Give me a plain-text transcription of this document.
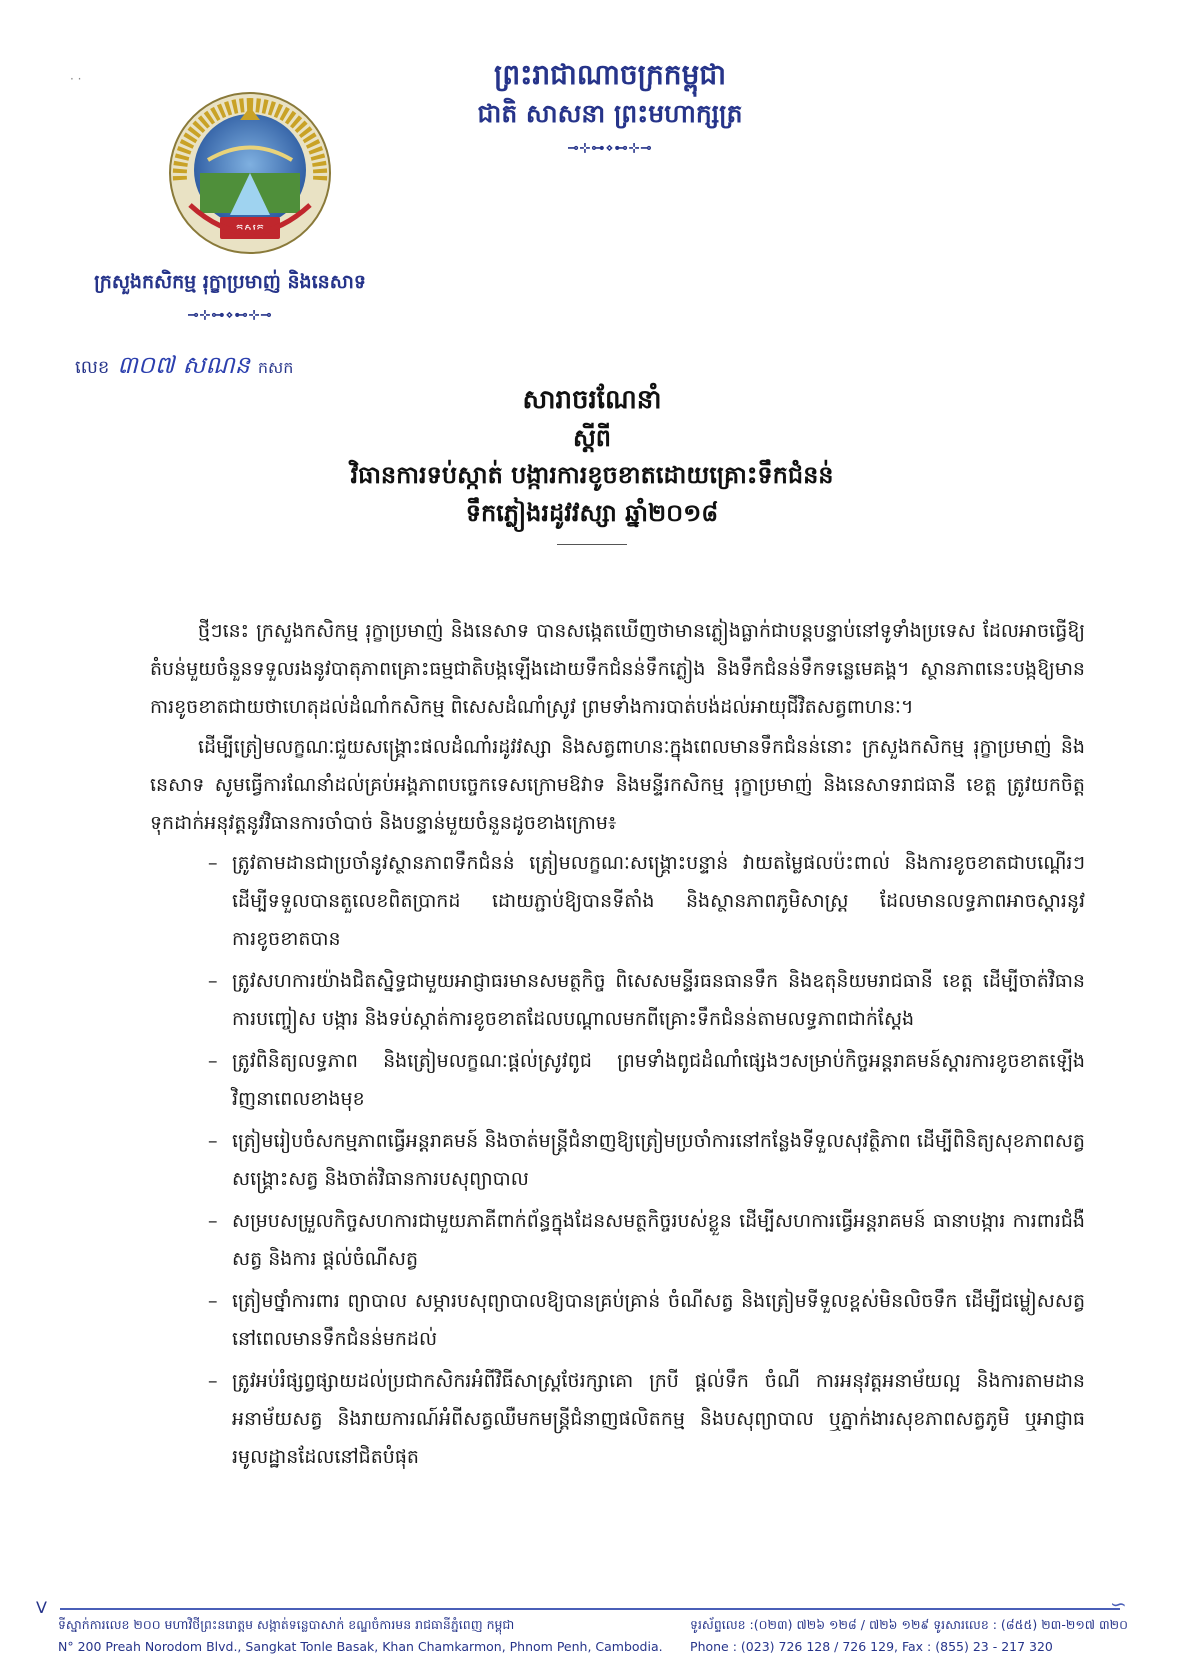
· ·	ព្រះរាជាណាចក្រកម្ពុជា
ជាតិ សាសនា ព្រះមហាក្សត្រ
⊸⊹⊶⋄⊷⊹⊸
កសក
ក្រសួងកសិកម្ម រុក្ខាប្រមាញ់ និងនេសាទ
⊸⊹⊶⋄⊷⊹⊸
លេខ ៣០៧ សណន កសក
សារាចរណែនាំ
ស្ដីពី
វិធានការទប់ស្កាត់ បង្ការការខូចខាតដោយគ្រោះទឹកជំនន់
ទឹកភ្លៀងរដូវវស្សា ឆ្នាំ២០១៨

ថ្មីៗនេះ ក្រសួងកសិកម្ម រុក្ខាប្រមាញ់ និងនេសាទ បានសង្កេតឃើញថាមានភ្លៀងធ្លាក់ជាបន្តបន្ទាប់នៅទូទាំងប្រទេស ដែលអាចធ្វើឱ្យតំបន់មួយចំនួនទទួលរងនូវបាតុភាពគ្រោះធម្មជាតិបង្កឡើងដោយទឹកជំនន់ទឹកភ្លៀង និងទឹកជំនន់ទឹកទន្លេមេគង្គ។ ស្ថានភាពនេះបង្កឱ្យមានការខូចខាតជាយថាហេតុដល់ដំណាំកសិកម្ម ពិសេសដំណាំស្រូវ ព្រមទាំងការបាត់បង់ដល់អាយុជីវិតសត្វពាហនៈ។

ដើម្បីត្រៀមលក្ខណៈជួយសង្គ្រោះផលដំណាំរដូវវស្សា និងសត្វពាហនៈក្នុងពេលមានទឹកជំនន់នោះ ក្រសួងកសិកម្ម រុក្ខាប្រមាញ់ និងនេសាទ សូមធ្វើការណែនាំដល់គ្រប់អង្គភាពបច្ចេកទេសក្រោមឱវាទ និងមន្ទីរកសិកម្ម រុក្ខាប្រមាញ់ និងនេសាទរាជធានី ខេត្ត ត្រូវយកចិត្តទុកដាក់អនុវត្តនូវវិធានការចាំបាច់ និងបន្ទាន់មួយចំនួនដូចខាងក្រោម៖

– ត្រូវតាមដានជាប្រចាំនូវស្ថានភាពទឹកជំនន់ ត្រៀមលក្ខណៈសង្គ្រោះបន្ទាន់ វាយតម្លៃផលប៉ះពាល់ និងការខូចខាតជាបណ្ដើរៗ ដើម្បីទទួលបានតួលេខពិតប្រាកដ ដោយភ្ជាប់ឱ្យបានទីតាំង និងស្ថានភាពភូមិសាស្ត្រ ដែលមានលទ្ធភាពអាចស្ដារនូវការខូចខាតបាន
– ត្រូវសហការយ៉ាងជិតស្និទ្ធជាមួយអាជ្ញាធរមានសមត្ថកិច្ច ពិសេសមន្ទីរធនធានទឹក និងឧតុនិយមរាជធានី ខេត្ត ដើម្បីចាត់វិធានការបញ្ចៀស បង្ការ និងទប់ស្កាត់ការខូចខាតដែលបណ្ដាលមកពីគ្រោះទឹកជំនន់តាមលទ្ធភាពជាក់ស្ដែង
– ត្រូវពិនិត្យលទ្ធភាព និងត្រៀមលក្ខណៈផ្ដល់ស្រូវពូជ ព្រមទាំងពូជដំណាំផ្សេងៗសម្រាប់កិច្ចអន្តរាគមន៍ស្ដារការខូចខាតឡើងវិញនាពេលខាងមុខ
– ត្រៀមរៀបចំសកម្មភាពធ្វើអន្តរាគមន៍ និងចាត់មន្ត្រីជំនាញឱ្យត្រៀមប្រចាំការនៅកន្លែងទីទួលសុវត្ថិភាព ដើម្បីពិនិត្យសុខភាពសត្វ សង្គ្រោះសត្វ និងចាត់វិធានការបសុព្យាបាល
– សម្របសម្រួលកិច្ចសហការជាមួយភាគីពាក់ព័ន្ធក្នុងដែនសមត្ថកិច្ចរបស់ខ្លួន ដើម្បីសហការធ្វើអន្តរាគមន៍ ធានាបង្ការ ការពារជំងឺសត្វ និងការ ផ្ដល់ចំណីសត្វ
– ត្រៀមថ្នាំការពារ ព្យាបាល សម្ភារបសុព្យាបាលឱ្យបានគ្រប់គ្រាន់ ចំណីសត្វ និងត្រៀមទីទួលខ្ពស់មិនលិចទឹក ដើម្បីជម្លៀសសត្វនៅពេលមានទឹកជំនន់មកដល់
– ត្រូវអប់រំផ្សព្វផ្សាយដល់ប្រជាកសិករអំពីវិធីសាស្ត្រថែរក្សាគោ ក្របី ផ្ដល់ទឹក ចំណី ការអនុវត្តអនាម័យល្អ និងការតាមដានអនាម័យសត្វ និងរាយការណ៍អំពីសត្វឈឺមកមន្ត្រីជំនាញផលិតកម្ម និងបសុព្យាបាល ឬភ្នាក់ងារសុខភាពសត្វភូមិ ឬអាជ្ញាធរមូលដ្ឋានដែលនៅជិតបំផុត
V	∽
ទីស្នាក់ការលេខ ២០០ មហាវិថីព្រះនរោត្តម សង្កាត់ទន្លេបាសាក់ ខណ្ឌចំការមន រាជធានីភ្នំពេញ កម្ពុជា
N° 200 Preah Norodom Blvd., Sangkat Tonle Basak, Khan Chamkarmon, Phnom Penh, Cambodia.
ទូរស័ព្ទលេខ :(០២៣) ៧២៦ ១២៨ / ៧២៦ ១២៩ ទូរសារលេខ : (៨៥៥) ២៣-២១៧ ៣២០
Phone : (023) 726 128 / 726 129, Fax : (855) 23 - 217 320
